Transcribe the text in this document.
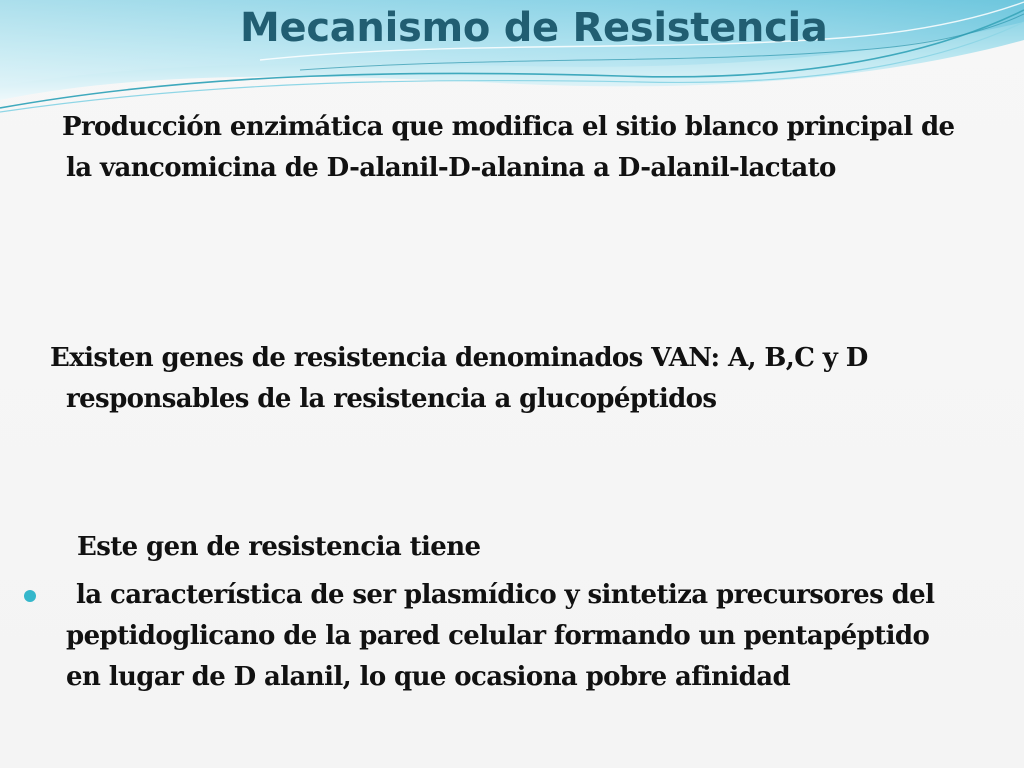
Mecanismo de Resistencia

Producción enzimática que modifica el sitio blanco principal de la vancomicina de D-alanil-D-alanina a D-alanil-lactato

Existen genes de resistencia denominados VAN: A, B,C y D responsables de la resistencia a glucopéptidos

Este gen de resistencia tiene

la característica de ser plasmídico y sintetiza precursores del peptidoglicano de la pared celular formando un pentapéptido en lugar de D alanil, lo que ocasiona pobre afinidad
